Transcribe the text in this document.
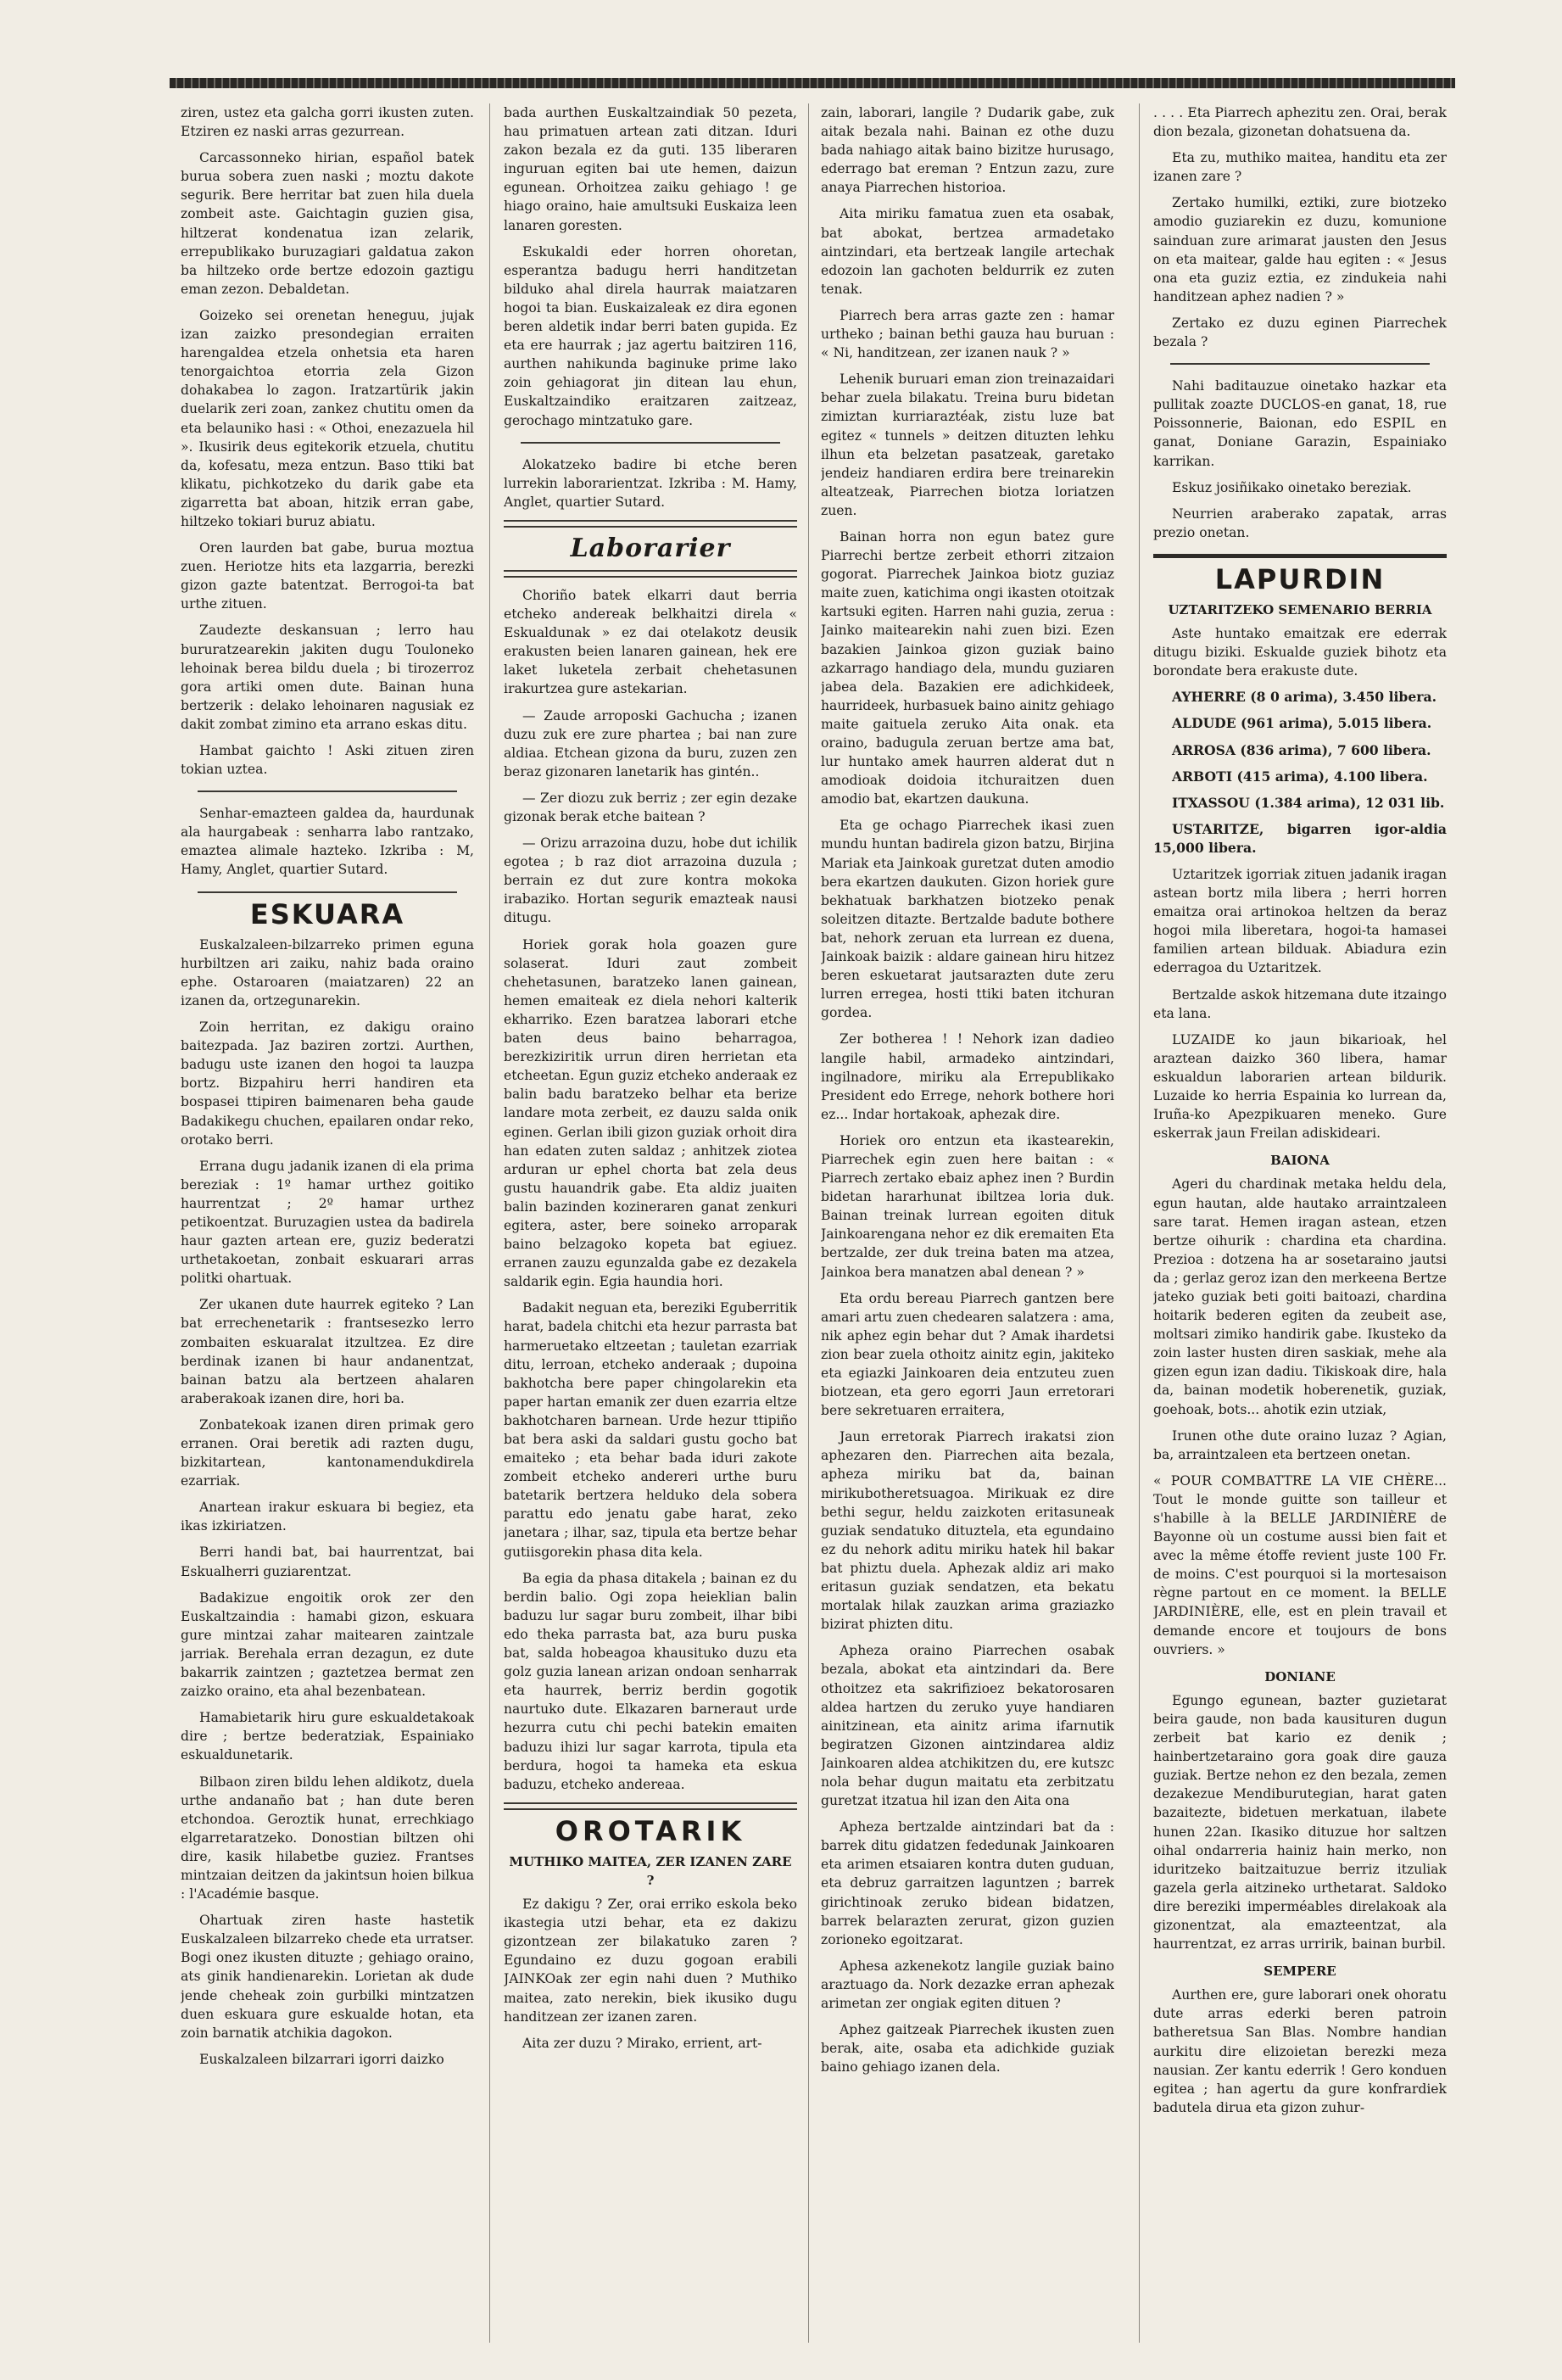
ziren, ustez eta galcha gorri ikusten zuten. Etziren ez naski arras gezurrean.

Carcassonneko hirian, español batek burua sobera zuen naski ; moztu dakote segurik. Bere herritar bat zuen hila duela zombeit aste. Gaichtagin guzien gisa, hiltzerat kondenatua izan zelarik, errepublikako buruzagiari galdatua zakon ba hiltzeko orde bertze edozoin gaztigu eman zezon. Debaldetan.

Goizeko sei orenetan heneguu, jujak izan zaizko presondegian erraiten harengaldea etzela onhetsia eta haren tenorgaichtoa etorria zela Gizon dohakabea lo zagon. Iratzartürik jakin duelarik zeri zoan, zankez chutitu omen da eta belauniko hasi : « Othoi, enezazuela hil ». Ikusirik deus egitekorik etzuela, chutitu da, kofesatu, meza entzun. Baso ttiki bat klikatu, pichkotzeko du darik gabe eta zigarretta bat aboan, hitzik erran gabe, hiltzeko tokiari buruz abiatu.

Oren laurden bat gabe, burua moztua zuen. Heriotze hits eta lazgarria, berezki gizon gazte batentzat. Berrogoi-ta bat urthe zituen.

Zaudezte deskansuan ; lerro hau bururatzearekin jakiten dugu Touloneko lehoinak berea bildu duela ; bi tirozerroz gora artiki omen dute. Bainan huna bertzerik : delako lehoinaren nagusiak ez dakit zombat zimino eta arrano eskas ditu.

Hambat gaichto ! Aski zituen ziren tokian uztea.

Senhar-emazteen galdea da, haurdunak ala haurgabeak : senharra labo rantzako, emaztea alimale hazteko. Izkriba : M, Hamy, Anglet, quartier Sutard.

ESKUARA

Euskalzaleen-bilzarreko primen eguna hurbiltzen ari zaiku, nahiz bada oraino ephe. Ostaroaren (maiatzaren) 22 an izanen da, ortzegunarekin.

Zoin herritan, ez dakigu oraino baitezpada. Jaz baziren zortzi. Aurthen, badugu uste izanen den hogoi ta lauzpa bortz. Bizpahiru herri handiren eta bospasei ttipiren baimenaren beha gaude Badakikegu chuchen, epailaren ondar reko, orotako berri.

Errana dugu jadanik izanen di ela prima bereziak : 1º hamar urthez goitiko haurrentzat ; 2º hamar urthez petikoentzat. Buruzagien ustea da badirela haur gazten artean ere, guziz bederatzi urthetakoetan, zonbait eskuarari arras politki ohartuak.

Zer ukanen dute haurrek egiteko ? Lan bat errechenetarik : frantsesezko lerro zombaiten eskuaralat itzultzea. Ez dire berdinak izanen bi haur andanentzat, bainan batzu ala bertzeen ahalaren araberakoak izanen dire, hori ba.

Zonbatekoak izanen diren primak gero erranen. Orai beretik adi razten dugu, bizkitartean, kantonamendukdirela ezarriak.

Anartean irakur eskuara bi begiez, eta ikas izkiriatzen.

Berri handi bat, bai haurrentzat, bai Eskualherri guziarentzat.

Badakizue engoitik orok zer den Euskaltzaindia : hamabi gizon, eskuara gure mintzai zahar maitearen zaintzale jarriak. Berehala erran dezagun, ez dute bakarrik zaintzen ; gaztetzea bermat zen zaizko oraino, eta ahal bezenbatean.

Hamabietarik hiru gure eskualdetakoak dire ; bertze bederatziak, Espainiako eskualdunetarik.

Bilbaon ziren bildu lehen aldikotz, duela urthe andanaño bat ; han dute beren etchondoa. Geroztik hunat, errechkiago elgarretaratzeko. Donostian biltzen ohi dire, kasik hilabetbe guziez. Frantses mintzaian deitzen da jakintsun hoien bilkua : l'Académie basque.

Ohartuak ziren haste hastetik Euskalzaleen bilzarreko chede eta urratser. Bogi onez ikusten dituzte ; gehiago oraino, ats ginik handienarekin. Lorietan ak dude jende cheheak zoin gurbilki mintzatzen duen eskuara gure eskualde hotan, eta zoin barnatik atchikia dagokon.

Euskalzaleen bilzarrari igorri daizko

bada aurthen Euskaltzaindiak 50 pezeta, hau primatuen artean zati ditzan. Iduri zakon bezala ez da guti. 135 liberaren inguruan egiten bai ute hemen, daizun egunean. Orhoitzea zaiku gehiago ! ge hiago oraino, haie amultsuki Euskaiza leen lanaren goresten.

Eskukaldi eder horren ohoretan, esperantza badugu herri handitzetan bilduko ahal direla haurrak maiatzaren hogoi ta bian. Euskaizaleak ez dira egonen beren aldetik indar berri baten gupida. Ez eta ere haurrak ; jaz agertu baitziren 116, aurthen nahikunda baginuke prime lako zoin gehiagorat jin ditean lau ehun, Euskaltzaindiko eraitzaren zaitzeaz, gerochago mintzatuko gare.

Alokatzeko badire bi etche beren lurrekin laborarientzat. Izkriba : M. Hamy, Anglet, quartier Sutard.

Laborarier

Choriño batek elkarri daut berria etcheko andereak belkhaitzi direla « Eskualdunak » ez dai otelakotz deusik erakusten beien lanaren gainean, hek ere laket luketela zerbait chehetasunen irakurtzea gure astekarian.

— Zaude arroposki Gachucha ; izanen duzu zuk ere zure phartea ; bai nan zure aldiaa. Etchean gizona da buru, zuzen zen beraz gizonaren lanetarik has gintén..

— Zer diozu zuk berriz ; zer egin dezake gizonak berak etche baitean ?

— Orizu arrazoina duzu, hobe dut ichilik egotea ; b raz diot arrazoina duzula ; berrain ez dut zure kontra mokoka irabaziko. Hortan segurik emazteak nausi ditugu.

Horiek gorak hola goazen gure solaserat. Iduri zaut zombeit chehetasunen, baratzeko lanen gainean, hemen emaiteak ez diela nehori kalterik ekharriko. Ezen baratzea laborari etche baten deus baino beharragoa, berezkiziritik urrun diren herrietan eta etcheetan. Egun guziz etcheko anderaak ez balin badu baratzeko belhar eta berize landare mota zerbeit, ez dauzu salda onik eginen. Gerlan ibili gizon guziak orhoit dira han edaten zuten saldaz ; anhitzek ziotea arduran ur ephel chorta bat zela deus gustu hauandrik gabe. Eta aldiz juaiten balin bazinden kozineraren ganat zenkuri egitera, aster, bere soineko arroparak baino belzagoko kopeta bat egiuez. erranen zauzu egunzalda gabe ez dezakela saldarik egin. Egia haundia hori.

Badakit neguan eta, bereziki Eguberritik harat, badela chitchi eta hezur parrasta bat harmeruetako eltzeetan ; tauletan ezarriak ditu, lerroan, etcheko anderaak ; dupoina bakhotcha bere paper chingolarekin eta paper hartan emanik zer duen ezarria eltze bakhotcharen barnean. Urde hezur ttipiño bat bera aski da saldari gustu gocho bat emaiteko ; eta behar bada iduri zakote zombeit etcheko andereri urthe buru batetarik bertzera helduko dela sobera parattu edo jenatu gabe harat, zeko janetara ; ilhar, saz, tipula eta bertze behar gutiisgorekin phasa dita kela.

Ba egia da phasa ditakela ; bainan ez du berdin balio. Ogi zopa heieklian balin baduzu lur sagar buru zombeit, ilhar bibi edo theka parrasta bat, aza buru puska bat, salda hobeagoa khausituko duzu eta golz guzia lanean arizan ondoan senharrak eta haurrek, berriz berdin gogotik naurtuko dute. Elkazaren barneraut urde hezurra cutu chi pechi batekin emaiten baduzu ihizi lur sagar karrota, tipula eta berdura, hogoi ta hameka eta eskua baduzu, etcheko andereaa.

OROTARIK
MUTHIKO MAITEA, ZER IZANEN ZARE ?

Ez dakigu ? Zer, orai erriko eskola beko ikastegia utzi behar, eta ez dakizu gizontzean zer bilakatuko zaren ? Egundaino ez duzu gogoan erabili JAINKOak zer egin nahi duen ? Muthiko maitea, zato nerekin, biek ikusiko dugu handitzean zer izanen zaren.

Aita zer duzu ? Mirako, errient, art-

zain, laborari, langile ? Dudarik gabe, zuk aitak bezala nahi. Bainan ez othe duzu bada nahiago aitak baino bizitze hurusago, ederrago bat ereman ? Entzun zazu, zure anaya Piarrechen historioa.

Aita miriku famatua zuen eta osabak, bat abokat, bertzea armadetako aintzindari, eta bertzeak langile artechak edozoin lan gachoten beldurrik ez zuten tenak.

Piarrech bera arras gazte zen : hamar urtheko ; bainan bethi gauza hau buruan : « Ni, handitzean, zer izanen nauk ? »

Lehenik buruari eman zion treinazaidari behar zuela bilakatu. Treina buru bidetan zimiztan kurriaraztéak, zistu luze bat egitez « tunnels » deitzen dituzten lehku ilhun eta belzetan pasatzeak, garetako jendeiz handiaren erdira bere treinarekin alteatzeak, Piarrechen biotza loriatzen zuen.

Bainan horra non egun batez gure Piarrechi bertze zerbeit ethorri zitzaion gogorat. Piarrechek Jainkoa biotz guziaz maite zuen, katichima ongi ikasten otoitzak kartsuki egiten. Harren nahi guzia, zerua : Jainko maitearekin nahi zuen bizi. Ezen bazakien Jainkoa gizon guziak baino azkarrago handiago dela, mundu guziaren jabea dela. Bazakien ere adichkideek, haurrideek, hurbasuek baino ainitz gehiago maite gaituela zeruko Aita onak. eta oraino, badugula zeruan bertze ama bat, lur huntako amek haurren alderat dut n amodioak doidoia itchuraitzen duen amodio bat, ekartzen daukuna.

Eta ge ochago Piarrechek ikasi zuen mundu huntan badirela gizon batzu, Birjina Mariak eta Jainkoak guretzat duten amodio bera ekartzen daukuten. Gizon horiek gure bekhatuak barkhatzen biotzeko penak soleitzen ditazte. Bertzalde badute bothere bat, nehork zeruan eta lurrean ez duena, Jainkoak baizik : aldare gainean hiru hitzez beren eskuetarat jautsarazten dute zeru lurren erregea, hosti ttiki baten itchuran gordea.

Zer botherea ! ! Nehork izan dadieo langile habil, armadeko aintzindari, ingilnadore, miriku ala Errepublikako President edo Errege, nehork bothere hori ez... Indar hortakoak, aphezak dire.

Horiek oro entzun eta ikastearekin, Piarrechek egin zuen here baitan : « Piarrech zertako ebaiz aphez inen ? Burdin bidetan hararhunat ibiltzea loria duk. Bainan treinak lurrean egoiten dituk Jainkoarengana nehor ez dik eremaiten Eta bertzalde, zer duk treina baten ma atzea, Jainkoa bera manatzen abal denean ? »

Eta ordu bereau Piarrech gantzen bere amari artu zuen chedearen salatzera : ama, nik aphez egin behar dut ? Amak ihardetsi zion bear zuela othoitz ainitz egin, jakiteko eta egiazki Jainkoaren deia entzuteu zuen biotzean, eta gero egorri Jaun erretorari bere sekretuaren erraitera,

Jaun erretorak Piarrech irakatsi zion aphezaren den. Piarrechen aita bezala, apheza miriku bat da, bainan mirikubotheretsuagoa. Mirikuak ez dire bethi segur, heldu zaizkoten eritasuneak guziak sendatuko dituztela, eta egundaino ez du nehork aditu miriku hatek hil bakar bat phiztu duela. Aphezak aldiz ari mako eritasun guziak sendatzen, eta bekatu mortalak hilak zauzkan arima graziazko bizirat phizten ditu.

Apheza oraino Piarrechen osabak bezala, abokat eta aintzindari da. Bere othoitzez eta sakrifizioez bekatorosaren aldea hartzen du zeruko yuye handiaren ainitzinean, eta ainitz arima ifarnutik begiratzen Gizonen aintzindarea aldiz Jainkoaren aldea atchikitzen du, ere kutszc nola behar dugun maitatu eta zerbitzatu guretzat itzatua hil izan den Aita ona

Apheza bertzalde aintzindari bat da : barrek ditu gidatzen fededunak Jainkoaren eta arimen etsaiaren kontra duten guduan, eta debruz garraitzen laguntzen ; barrek girichtinoak zeruko bidean bidatzen, barrek belarazten zerurat, gizon guzien zorioneko egoitzarat.

Aphesa azkenekotz langile guziak baino araztuago da. Nork dezazke erran aphezak arimetan zer ongiak egiten dituen ?

Aphez gaitzeak Piarrechek ikusten zuen berak, aite, osaba eta adichkide guziak baino gehiago izanen dela.

. . . . Eta Piarrech aphezitu zen. Orai, berak dion bezala, gizonetan dohatsuena da.

Eta zu, muthiko maitea, handitu eta zer izanen zare ?

Zertako humilki, eztiki, zure biotzeko amodio guziarekin ez duzu, komunione sainduan zure arimarat jausten den Jesus on eta maitear, galde hau egiten : « Jesus ona eta guziz eztia, ez zindukeia nahi handitzean aphez nadien ? »

Zertako ez duzu eginen Piarrechek bezala ?

Nahi baditauzue oinetako hazkar eta pullitak zoazte DUCLOS-en ganat, 18, rue Poissonnerie, Baionan, edo ESPIL en ganat, Doniane Garazin, Espainiako karrikan.

Eskuz josiñikako oinetako bereziak.

Neurrien araberako zapatak, arras prezio onetan.

LAPURDIN
UZTARITZEKO SEMENARIO BERRIA

Aste huntako emaitzak ere ederrak ditugu biziki. Eskualde guziek bihotz eta borondate bera erakuste dute.

AYHERRE (8 0 arima), 3.450 libera.

ALDUDE (961 arima), 5.015 libera.

ARROSA (836 arima), 7 600 libera.

ARBOTI (415 arima), 4.100 libera.

ITXASSOU (1.384 arima), 12 031 lib.

USTARITZE, bigarren igor-aldia 15,000 libera.

Uztaritzek igorriak zituen jadanik iragan astean bortz mila libera ; herri horren emaitza orai artinokoa heltzen da beraz hogoi mila liberetara, hogoi-ta hamasei familien artean bilduak. Abiadura ezin ederragoa du Uztaritzek.

Bertzalde askok hitzemana dute itzaingo eta lana.

LUZAIDE ko jaun bikarioak, hel araztean daizko 360 libera, hamar eskualdun laborarien artean bildurik. Luzaide ko herria Espainia ko lurrean da, Iruña-ko Apezpikuaren meneko. Gure eskerrak jaun Freilan adiskideari.

BAIONA

Ageri du chardinak metaka heldu dela, egun hautan, alde hautako arraintzaleen sare tarat. Hemen iragan astean, etzen bertze oihurik : chardina eta chardina. Prezioa : dotzena ha ar sosetaraino jautsi da ; gerlaz geroz izan den merkeena Bertze jateko guziak beti goiti baitoazi, chardina hoitarik bederen egiten da zeubeit ase, moltsari zimiko handirik gabe. Ikusteko da zoin laster husten diren saskiak, mehe ala gizen egun izan dadiu. Tikiskoak dire, hala da, bainan modetik hoberenetik, guziak, goehoak, bots... ahotik ezin utziak,

Irunen othe dute oraino luzaz ? Agian, ba, arraintzaleen eta bertzeen onetan.

« POUR COMBATTRE LA VIE CHÈRE... Tout le monde guitte son tailleur et s'habille à la BELLE JARDINIÈRE de Bayonne où un costume aussi bien fait et avec la même étoffe revient juste 100 Fr. de moins. C'est pourquoi si la mortesaison règne partout en ce moment. la BELLE JARDINIÈRE, elle, est en plein travail et demande encore et toujours de bons ouvriers. »

DONIANE

Egungo egunean, bazter guzietarat beira gaude, non bada kausituren dugun zerbeit bat kario ez denik ; hainbertzetaraino gora goak dire gauza guziak. Bertze nehon ez den bezala, zemen dezakezue Mendiburutegian, harat gaten bazaitezte, bidetuen merkatuan, ilabete hunen 22an. Ikasiko dituzue hor saltzen oihal ondarreria hainiz hain merko, non iduritzeko baitzaituzue berriz itzuliak gazela gerla aitzineko urthetarat. Saldoko dire bereziki imperméables direlakoak ala gizonentzat, ala emazteentzat, ala haurrentzat, ez arras urririk, bainan burbil.

SEMPERE

Aurthen ere, gure laborari onek ohoratu dute arras ederki beren patroin batheretsua San Blas. Nombre handian aurkitu dire elizoietan berezki meza nausian. Zer kantu ederrik ! Gero konduen egitea ; han agertu da gure konfrardiek badutela dirua eta gizon zuhur-
